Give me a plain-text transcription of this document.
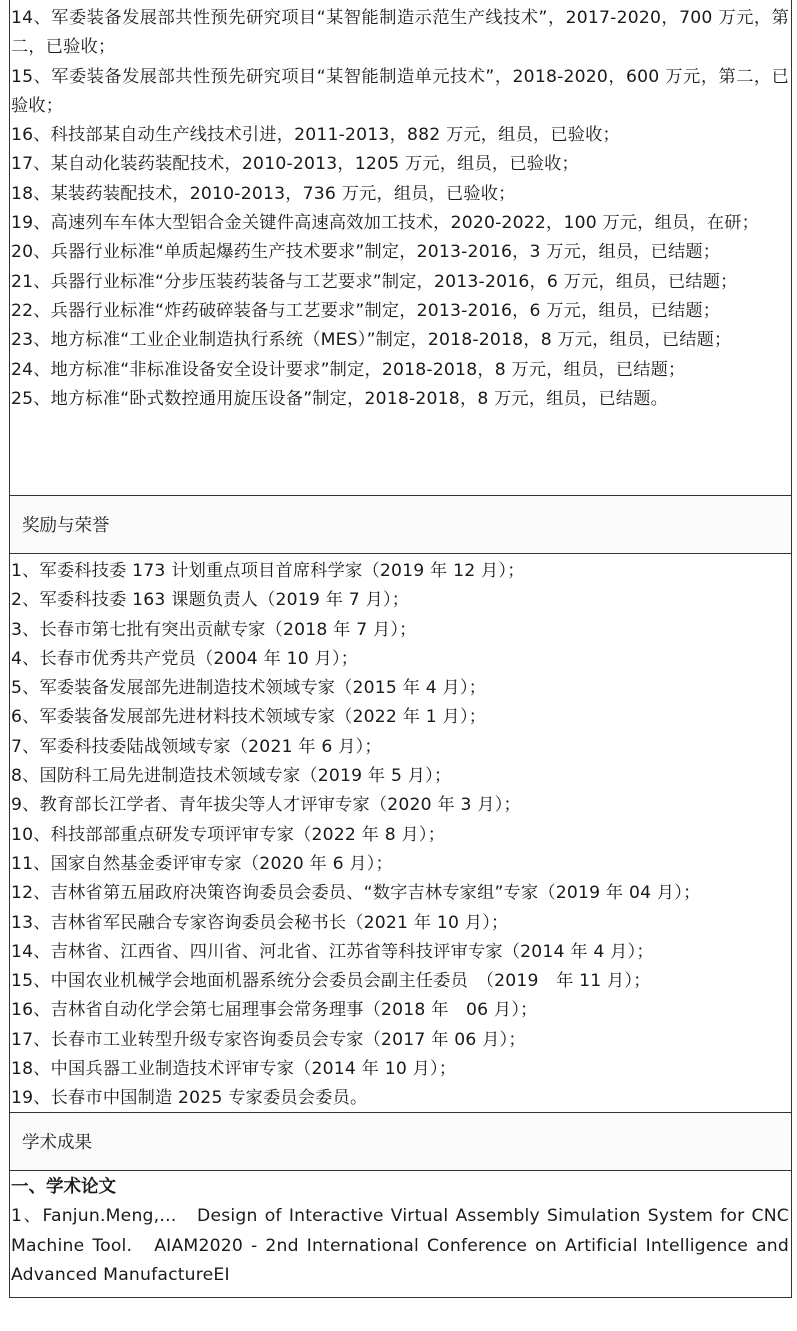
14、军委装备发展部共性预先研究项目“某智能制造示范生产线技术”，2017-2020，700 万元，第二，已验收；

15、军委装备发展部共性预先研究项目“某智能制造单元技术”，2018-2020，600 万元，第二，已验收；

16、科技部某自动生产线技术引进，2011-2013，882 万元，组员，已验收；

17、某自动化装药装配技术，2010-2013，1205 万元，组员，已验收；

18、某装药装配技术，2010-2013，736 万元，组员，已验收；

19、高速列车车体大型铝合金关键件高速高效加工技术，2020-2022，100 万元，组员，在研；

20、兵器行业标准“单质起爆药生产技术要求”制定，2013-2016，3 万元，组员，已结题；

21、兵器行业标准“分步压装药装备与工艺要求”制定，2013-2016，6 万元，组员，已结题；

22、兵器行业标准“炸药破碎装备与工艺要求”制定，2013-2016，6 万元，组员，已结题；

23、地方标准“工业企业制造执行系统（MES）”制定，2018-2018，8 万元，组员，已结题；

24、地方标准“非标准设备安全设计要求”制定，2018-2018，8 万元，组员，已结题；

25、地方标准“卧式数控通用旋压设备”制定，2018-2018，8 万元，组员，已结题。

奖励与荣誉

1、军委科技委 173 计划重点项目首席科学家（2019 年 12 月）；

2、军委科技委 163 课题负责人（2019 年 7 月）；

3、长春市第七批有突出贡献专家（2018 年 7 月）；

4、长春市优秀共产党员（2004 年 10 月）；

5、军委装备发展部先进制造技术领域专家（2015 年 4 月）；

6、军委装备发展部先进材料技术领域专家（2022 年 1 月）；

7、军委科技委陆战领域专家（2021 年 6 月）；

8、国防科工局先进制造技术领域专家（2019 年 5 月）；

9、教育部长江学者、青年拔尖等人才评审专家（2020 年 3 月）；

10、科技部部重点研发专项评审专家（2022 年 8 月）；

11、国家自然基金委评审专家（2020 年 6 月）；

12、吉林省第五届政府决策咨询委员会委员、“数字吉林专家组”专家（2019 年 04 月）；

13、吉林省军民融合专家咨询委员会秘书长（2021 年 10 月）；

14、吉林省、江西省、四川省、河北省、江苏省等科技评审专家（2014 年 4 月）；

15、中国农业机械学会地面机器系统分会委员会副主任委员　（2019　年 11 月）；

16、吉林省自动化学会第七届理事会常务理事（2018 年　06 月）；

17、长春市工业转型升级专家咨询委员会专家（2017 年 06 月）；

18、中国兵器工业制造技术评审专家（2014 年 10 月）；

19、长春市中国制造 2025 专家委员会委员。

学术成果

一、学术论文

1、Fanjun.Meng,…　Design of Interactive Virtual Assembly Simulation System for CNC Machine Tool.　AIAM2020 - 2nd International Conference on Artificial Intelligence and Advanced ManufactureEI
